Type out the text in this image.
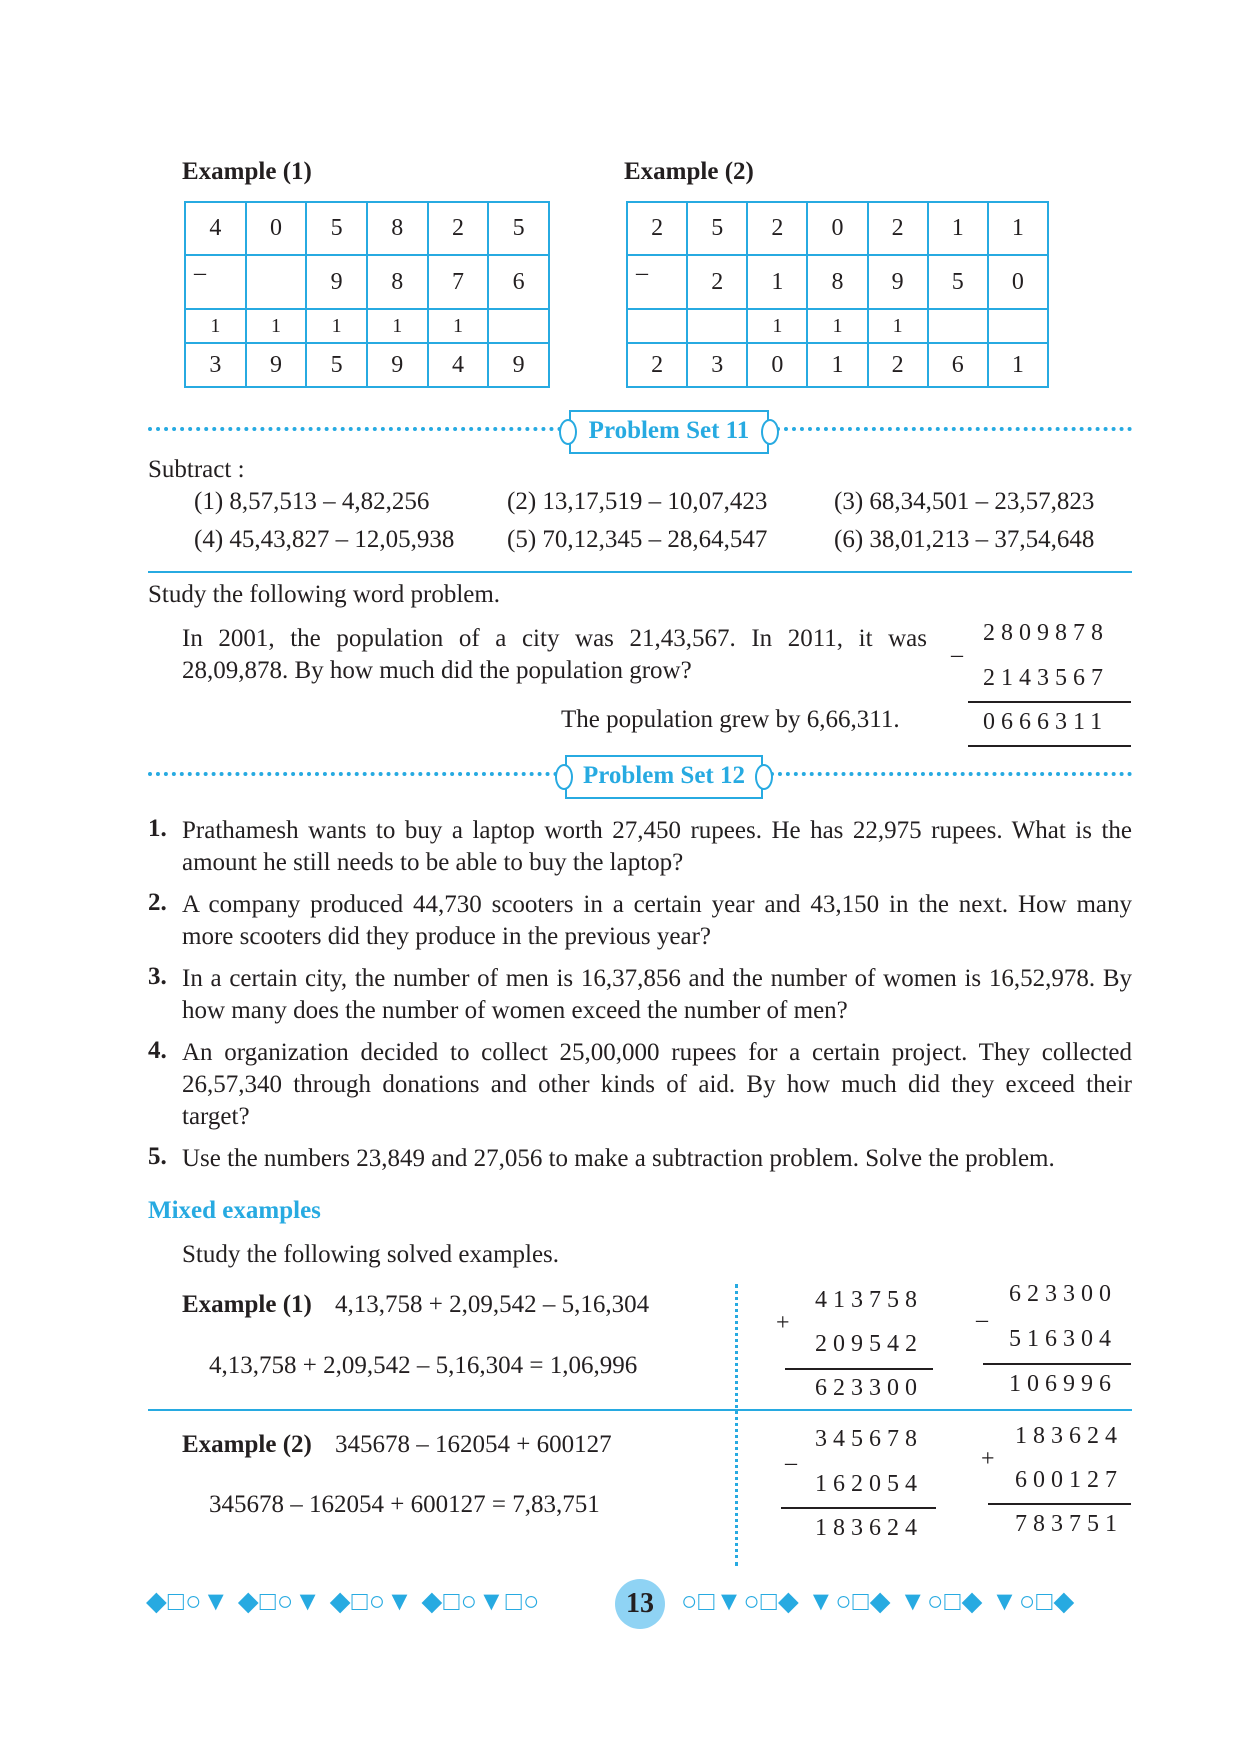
Example (1)
4	0	5	8	2	5

–		9	8	7	6
1	1	1	1	1	
3	9	5	9	4	9
Example (2)
2	5	2	0	2	1	1

–	2	1	8	9	5	0
		1	1	1		
2	3	0	1	2	6	1
Problem Set 11
Subtract :
(1) 8,57,513 – 4,82,256	(2) 13,17,519 – 10,07,423	(3) 68,34,501 – 23,57,823
(4) 45,43,827 – 12,05,938 (5) 70,12,345 – 28,64,547	(6) 38,01,213 – 37,54,648
Study the following word problem.
In 2001, the population of a city was 21,43,567. In 2011, it was 28,09,878. By how much did the population grow?
The population grew by 6,66,311.
–
2809878
2143567
0666311
Problem Set 12
1. Prathamesh wants to buy a laptop worth 27,450 rupees. He has 22,975 rupees. What is the amount he still needs to be able to buy the laptop?
2. A company produced 44,730 scooters in a certain year and 43,150 in the next. How many more scooters did they produce in the previous year?
3. In a certain city, the number of men is 16,37,856 and the number of women is 16,52,978. By how many does the number of women exceed the number of men?
4. An organization decided to collect 25,00,000 rupees for a certain project. They collected 26,57,340 through donations and other kinds of aid. By how much did they exceed their target?
5. Use the numbers 23,849 and 27,056 to make a subtraction problem. Solve the problem.
Mixed examples
Study the following solved examples.
Example (1) 4,13,758 + 2,09,542 – 5,16,304
4,13,758 + 2,09,542 – 5,16,304 = 1,06,996
+
413758
209542
623300
–
623300
516304
106996
Example (2) 345678 – 162054 + 600127
345678 – 162054 + 600127 = 7,83,751
–
345678
162054
183624
+
183624
600127
783751
◆□○▼ ◆□○▼ ◆□○▼ ◆□○▼□○	13	○□▼○□◆ ▼○□◆ ▼○□◆ ▼○□◆
